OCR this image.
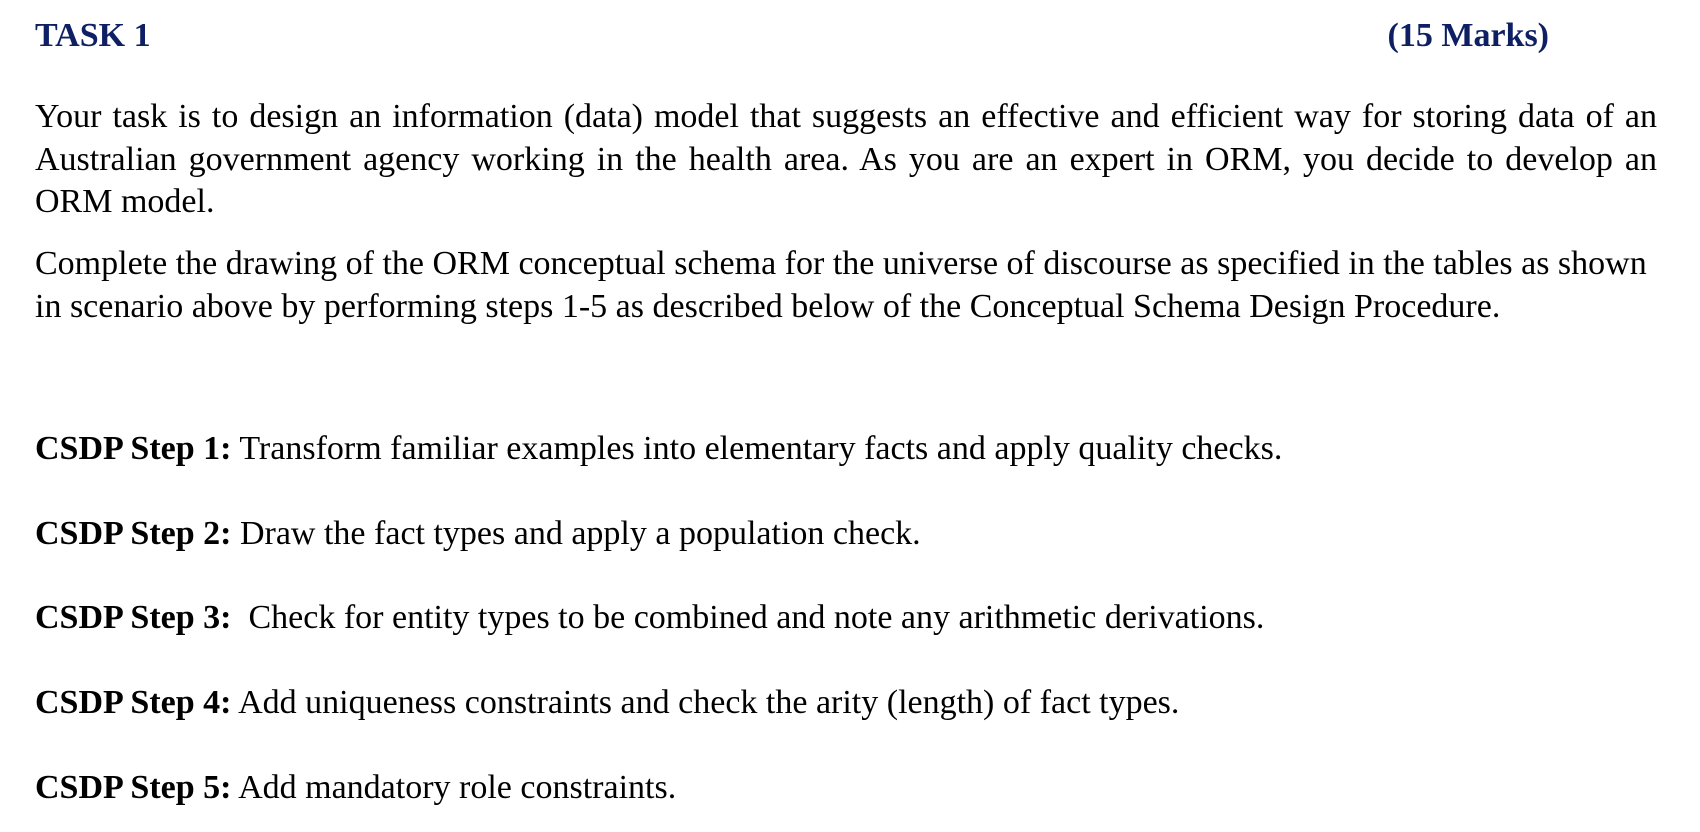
TASK 1	(15 Marks)

Your task is to design an information (data) model that suggests an effective and efficient way for storing data of an Australian government agency working in the health area. As you are an expert in ORM, you decide to develop an ORM model.

Complete the drawing of the ORM conceptual schema for the universe of discourse as specified in the tables as shown in scenario above by performing steps 1-5 as described below of the Conceptual Schema Design Procedure.

CSDP Step 1: Transform familiar examples into elementary facts and apply quality checks.

CSDP Step 2: Draw the fact types and apply a population check.

CSDP Step 3:  Check for entity types to be combined and note any arithmetic derivations.

CSDP Step 4: Add uniqueness constraints and check the arity (length) of fact types.

CSDP Step 5: Add mandatory role constraints.
